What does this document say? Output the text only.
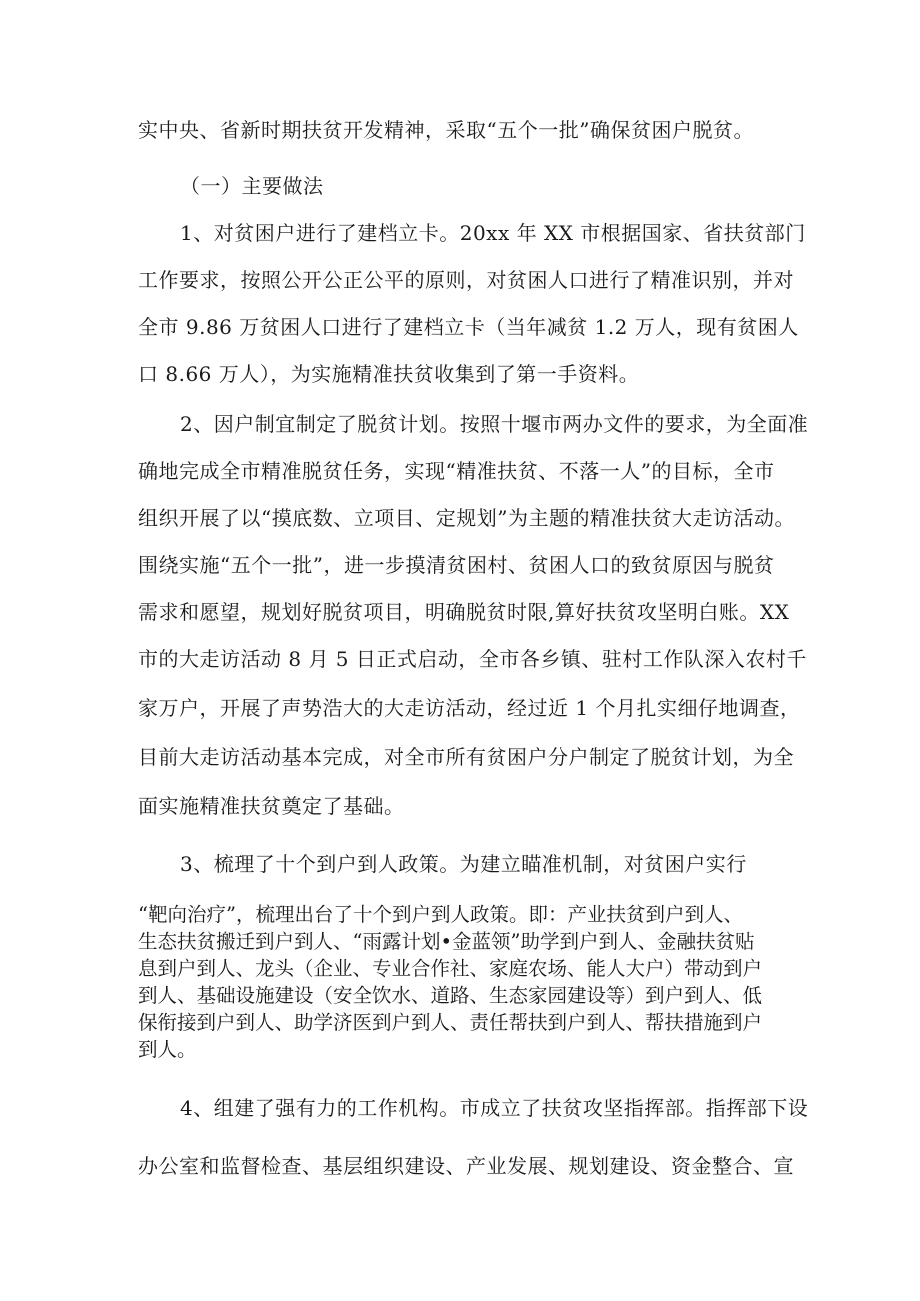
实中央、省新时期扶贫开发精神，采取“五个一批”确保贫困户脱贫。

（一）主要做法

1、对贫困户进行了建档立卡。20xx 年 XX 市根据国家、省扶贫部门

工作要求，按照公开公正公平的原则，对贫困人口进行了精准识别，并对

全市 9.86 万贫困人口进行了建档立卡（当年减贫 1.2 万人，现有贫困人

口 8.66 万人），为实施精准扶贫收集到了第一手资料。

2、因户制宜制定了脱贫计划。按照十堰市两办文件的要求，为全面准

确地完成全市精准脱贫任务，实现“精准扶贫、不落一人”的目标，全市

组织开展了以“摸底数、立项目、定规划”为主题的精准扶贫大走访活动。

围绕实施“五个一批”，进一步摸清贫困村、贫困人口的致贫原因与脱贫

需求和愿望，规划好脱贫项目，明确脱贫时限,算好扶贫攻坚明白账。XX

市的大走访活动 8 月 5 日正式启动，全市各乡镇、驻村工作队深入农村千

家万户，开展了声势浩大的大走访活动，经过近 1 个月扎实细仔地调查，

目前大走访活动基本完成，对全市所有贫困户分户制定了脱贫计划，为全

面实施精准扶贫奠定了基础。

3、梳理了十个到户到人政策。为建立瞄准机制，对贫困户实行

“靶向治疗”，梳理出台了十个到户到人政策。即：产业扶贫到户到人、

生态扶贫搬迁到户到人、“雨露计划•金蓝领”助学到户到人、金融扶贫贴

息到户到人、龙头（企业、专业合作社、家庭农场、能人大户）带动到户

到人、基础设施建设（安全饮水、道路、生态家园建设等）到户到人、低

保衔接到户到人、助学济医到户到人、责任帮扶到户到人、帮扶措施到户

到人。

4、组建了强有力的工作机构。市成立了扶贫攻坚指挥部。指挥部下设

办公室和监督检查、基层组织建设、产业发展、规划建设、资金整合、宣
